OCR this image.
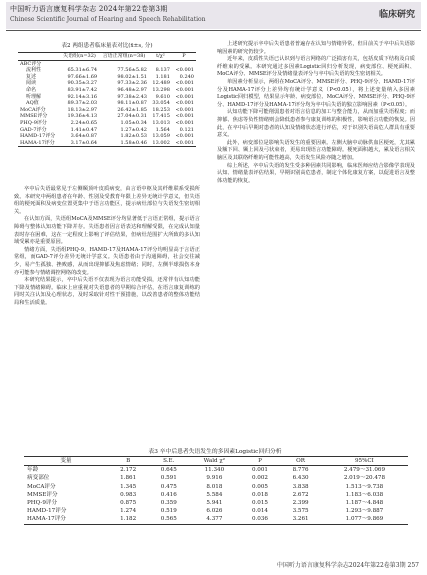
中国听力语言康复科学杂志 2024年第22卷第3期
Chinese Scientific Journal of Hearing and Speech Rehabilitation	临床研究
表2 两组患者临床量表对比(x̄±s, 分)
	失语组(n=32)	言语正常组(n=38)	t/χ²	P
ABC评分				
流利性	65.31±6.74	77.56±5.82	8.137	<0.001
复述	97.66±1.69	98.02±1.51	1.181	0.240
阅读	90.35±3.27	97.33±2.36	12.489	<0.001
命名	83.91±7.42	96.48±2.97	13.298	<0.001
听理解	92.14±3.16	97.38±2.43	9.610	<0.001
AQ值	89.37±2.03	98.11±0.87	33.054	<0.001
MoCA评分	18.13±2.97	26.42±1.85	18.253	<0.001
MMSE评分	19.36±4.13	27.04±0.31	17.415	<0.001
PHQ-9评分	2.24±0.65	1.05±0.34	13.013	<0.001
GAD-7评分	1.41±0.47	1.27±0.42	1.564	0.121
HAMD-17评分	3.64±0.87	1.82±0.53	13.059	<0.001
HAMA-17评分	3.17±0.64	1.58±0.46	13.002	<0.001

卒中后失语最常见于左侧颞顶叶皮质病变，由言语中枢及其纤维联系受损所致。本研究中两组患者在年龄、性别及受教育年限上差异无统计学意义，但失语组的梗死面积及病变位置更集中于语言功能区，提示病灶部位与失语发生密切相关。

在认知方面，失语组MoCA及MMSE评分均显著低于言语正常组，提示语言障碍与整体认知功能下降并存。失语患者因言语表达和理解受限，在完成认知量表时存在困难，这在一定程度上影响了评估结果，但病灶范围扩大所致的多认知域受累亦是重要原因。

情绪方面，失语组PHQ-9、HAMD-17及HAMA-17评分均明显高于言语正常组，而GAD-7评分差异无统计学意义。失语患者由于沟通障碍，社会交往减少，易产生孤独、挫败感，从而出现抑郁及焦虑情绪；同时，左侧半球损伤本身亦可能参与情绪调控网络的改变。

本研究结果提示，卒中后失语不仅表现为语言功能受损，还常伴有认知功能下降及情绪障碍。临床上应重视对失语患者的早期综合评估，在语言康复训练的同时关注认知及心理状态，及时采取针对性干预措施，以改善患者的整体功能结局和生活质量。

上述研究提示卒中后失语患者普遍存在认知与情绪异常，但目前关于卒中后失语影响因素的研究仍较少。

近年来，皮质性失语已认识到与语言网络的广泛损害有关，包括皮质下结构及白质纤维束的受累。本研究通过多因素Logistic回归分析发现，病变部位、梗死面积、MoCA评分、MMSE评分及情绪量表评分与卒中后失语的发生密切相关。

单因素分析显示，两组在MoCA评分、MMSE评分、PHQ-9评分、HAMD-17评分及HAMA-17评分上差异均有统计学意义（P<0.05），将上述变量纳入多因素Logistic回归模型，结果显示年龄、病变部位、MoCA评分、MMSE评分、PHQ-9评分、HAMD-17评分及HAMA-17评分均为卒中后失语的独立影响因素（P<0.05）。

认知功能下降可能削弱患者对语言信息的加工与整合能力，从而加重失语程度；而抑郁、焦虑等负性情绪则会降低患者参与康复训练的积极性，影响语言功能的恢复。因此，在卒中后早期对患者的认知及情绪状态进行评估，对于识别失语高危人群具有重要意义。

此外，病变部位是影响失语发生的重要因素。左侧大脑中动脉供血区梗死，尤其累及额下回、颞上回及弓状束者，更易出现语言功能障碍。梗死面积越大，累及语言相关脑区及其联络纤维的可能性越高，失语发生风险亦随之增加。

综上所述，卒中后失语的发生受多种因素共同影响，临床医师应结合影像学表现及认知、情绪量表评估结果，早期识别高危患者，制定个体化康复方案，以促进语言及整体功能的恢复。

表3 卒中后患者失语发生的多因素Logistic回归分析
变量	B	S.E.	Wald χ²	P	OR	95%CI
年龄	2.172	0.645	11.340	0.001	8.776	2.479～31.069
病变部位	1.861	0.591	9.916	0.002	6.430	2.019～20.478
MoCA评分	1.345	0.475	8.018	0.005	3.838	1.513～9.738
MMSE评分	0.983	0.416	5.584	0.018	2.672	1.183～6.038
PHQ-9评分	0.875	0.359	5.941	0.015	2.399	1.187～4.848
HAMD-17评分	1.274	0.519	6.026	0.014	3.575	1.293～9.887
HAMA-17评分	1.182	0.565	4.377	0.036	3.261	1.077～9.869
中国听力语言康复科学杂志2024年第22卷第3期 257
